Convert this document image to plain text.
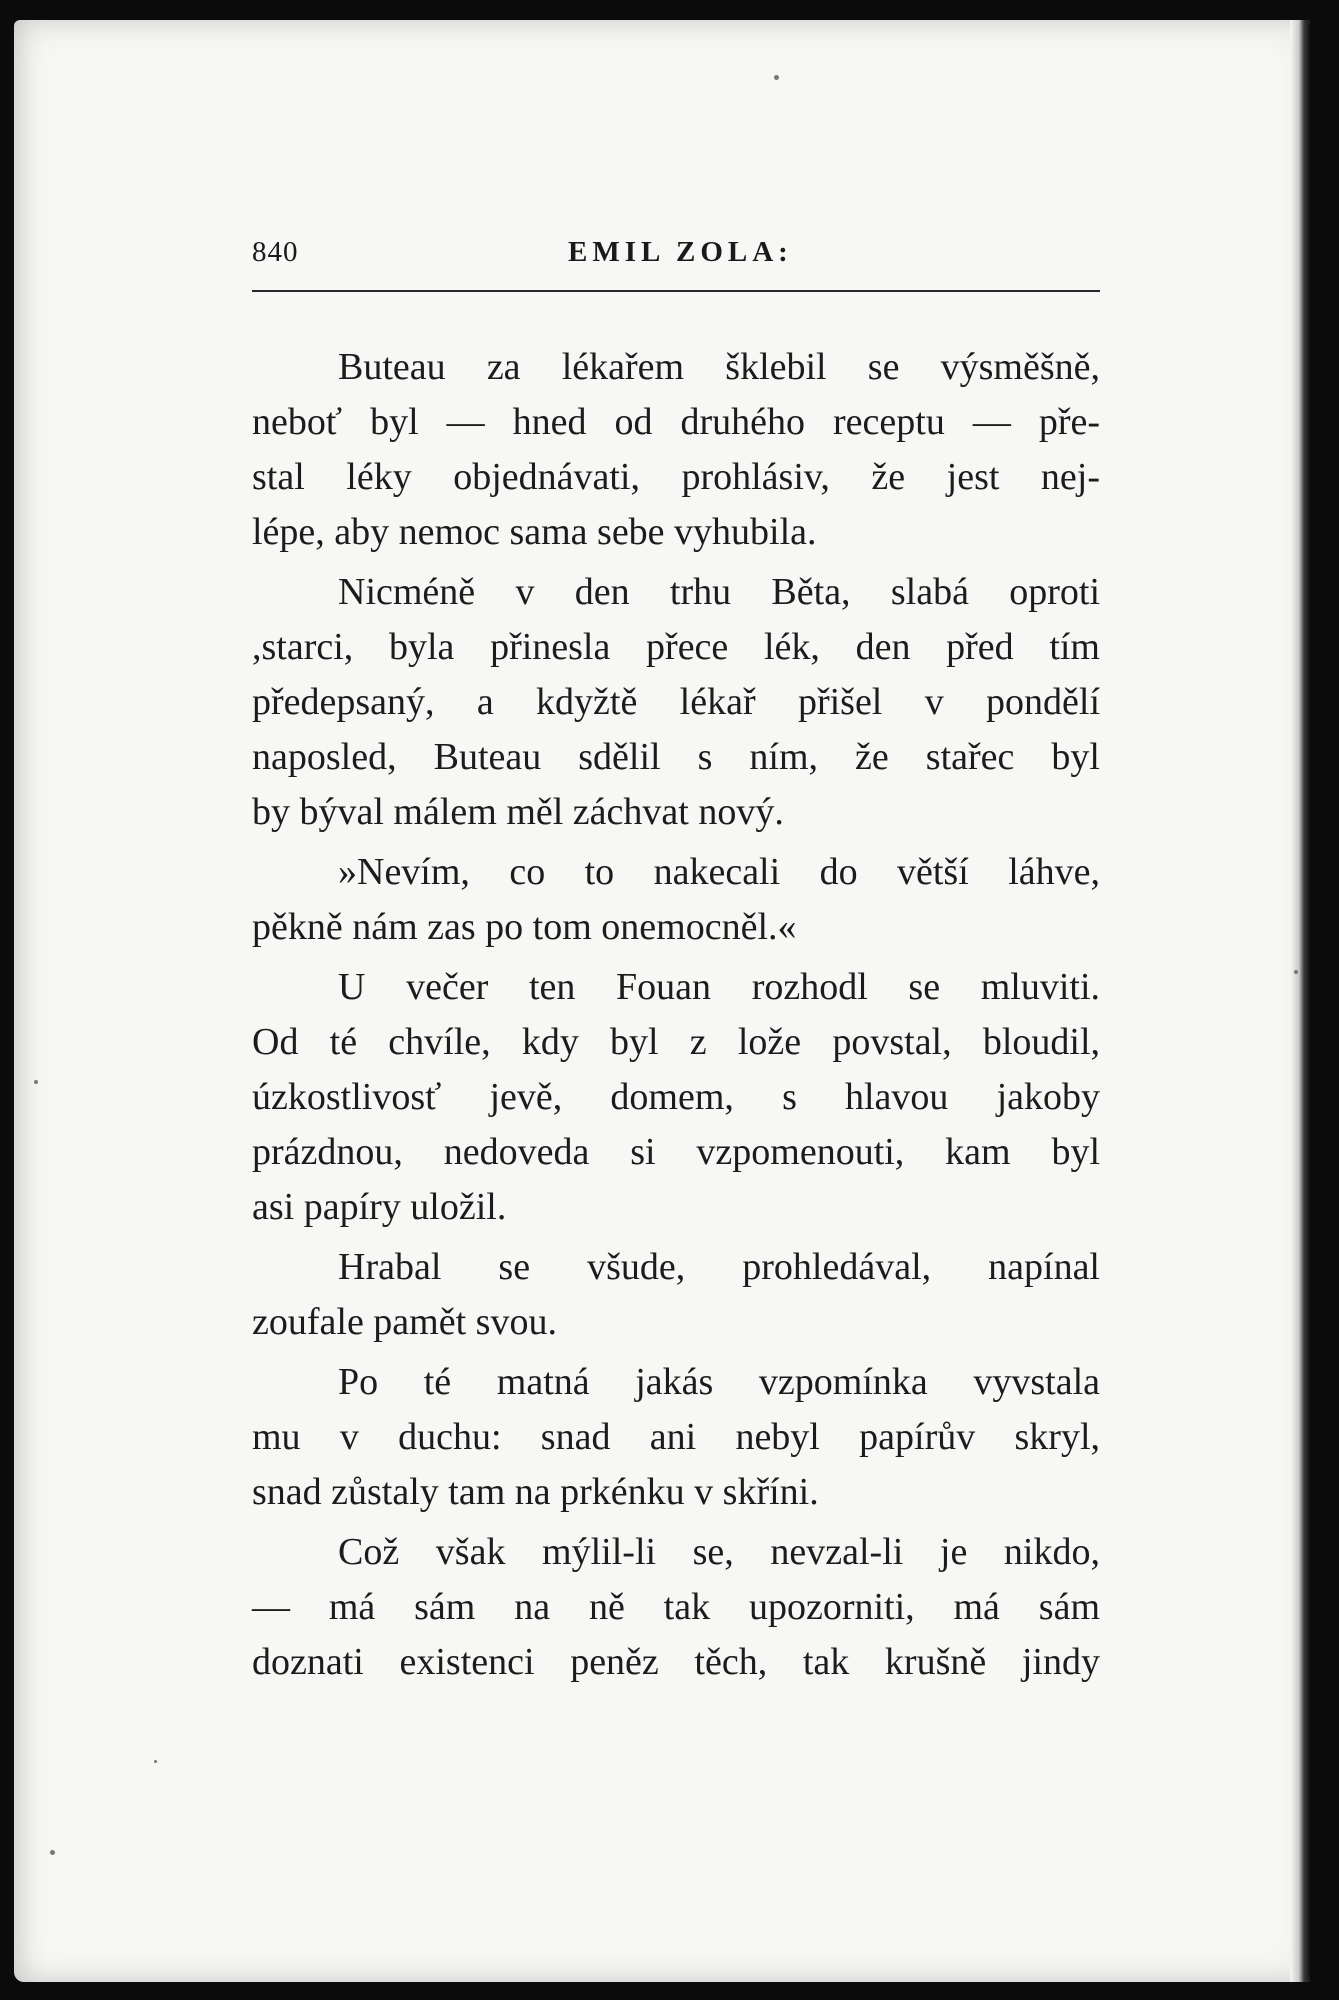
840	EMIL ZOLA:

Buteau za lékařem šklebil se výsměšně,
neboť byl — hned od druhého receptu — pře-
stal léky objednávati, prohlásiv, že jest nej-
lépe, aby nemoc sama sebe vyhubila.

Nicméně v den trhu Běta, slabá oproti
,starci, byla přinesla přece lék, den před tím
předepsaný, a kdyžtě lékař přišel v pondělí
naposled, Buteau sdělil s ním, že stařec byl
by býval málem měl záchvat nový.

»Nevím, co to nakecali do větší láhve,
pěkně nám zas po tom onemocněl.«

U večer ten Fouan rozhodl se mluviti.
Od té chvíle, kdy byl z lože povstal, bloudil,
úzkostlivosť jevě, domem, s hlavou jakoby
prázdnou, nedoveda si vzpomenouti, kam byl
asi papíry uložil.

Hrabal se všude, prohledával, napínal
zoufale pamět svou.

Po té matná jakás vzpomínka vyvstala
mu v duchu: snad ani nebyl papírův skryl,
snad zůstaly tam na prkénku v skříni.

Což však mýlil-li se, nevzal-li je nikdo,
— má sám na ně tak upozorniti, má sám
doznati existenci peněz těch, tak krušně jindy
